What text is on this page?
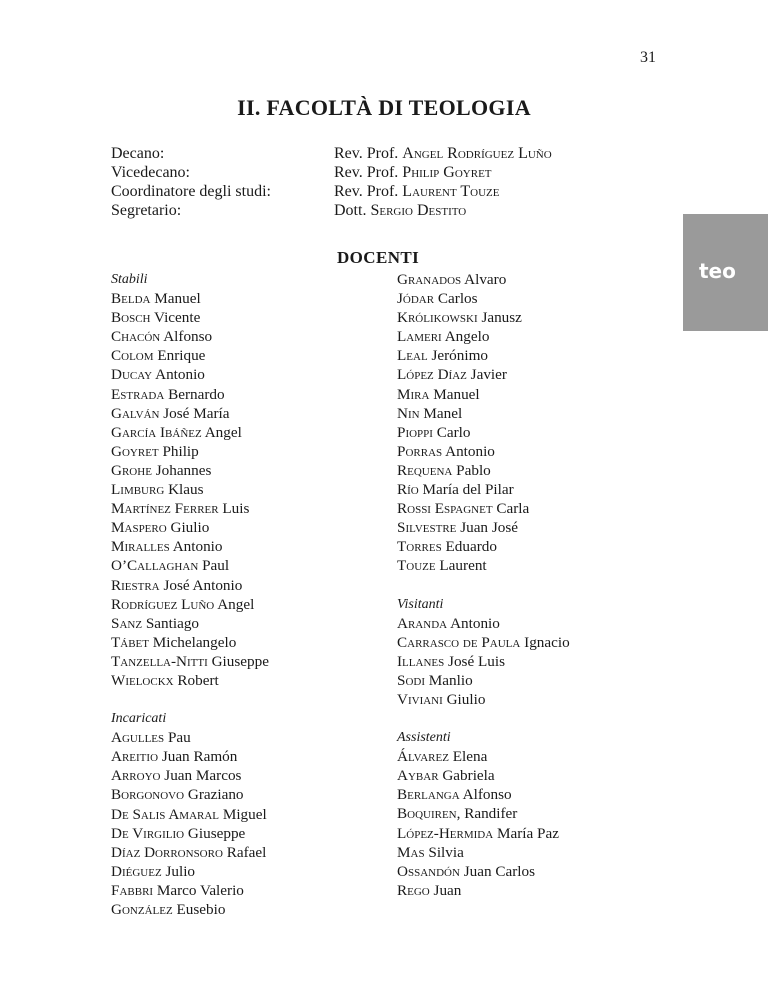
31
II. FACOLTÀ DI TEOLOGIA
teo
Decano:	Rev. Prof. Angel Rodríguez Luño
Vicedecano:	Rev. Prof. Philip Goyret
Coordinatore degli studi:	Rev. Prof. Laurent Touze
Segretario:	Dott. Sergio Destito
DOCENTI
Stabili
Belda Manuel
Bosch Vicente
Chacón Alfonso
Colom Enrique
Ducay Antonio
Estrada Bernardo
Galván José María
García Ibáñez Angel
Goyret Philip
Grohe Johannes
Limburg Klaus
Martínez Ferrer Luis
Maspero Giulio
Miralles Antonio
O’Callaghan Paul
Riestra José Antonio
Rodríguez Luño Angel
Sanz Santiago
Tábet Michelangelo
Tanzella-Nitti Giuseppe
Wielockx Robert
Incaricati
Agulles Pau
Areitio Juan Ramón
Arroyo Juan Marcos
Borgonovo Graziano
De Salis Amaral Miguel
De Virgilio Giuseppe
Díaz Dorronsoro Rafael
Diéguez Julio
Fabbri Marco Valerio
González Eusebio
Granados Alvaro
Jódar Carlos
Królikowski Janusz
Lameri Angelo
Leal Jerónimo
López Díaz Javier
Mira Manuel
Nin Manel
Pioppi Carlo
Porras Antonio
Requena Pablo
Río María del Pilar
Rossi Espagnet Carla
Silvestre Juan José
Torres Eduardo
Touze Laurent
Visitanti
Aranda Antonio
Carrasco de Paula Ignacio
Illanes José Luis
Sodi Manlio
Viviani Giulio
Assistenti
Álvarez Elena
Aybar Gabriela
Berlanga Alfonso
Boquiren, Randifer
López-Hermida María Paz
Mas Silvia
Ossandón Juan Carlos
Rego Juan
